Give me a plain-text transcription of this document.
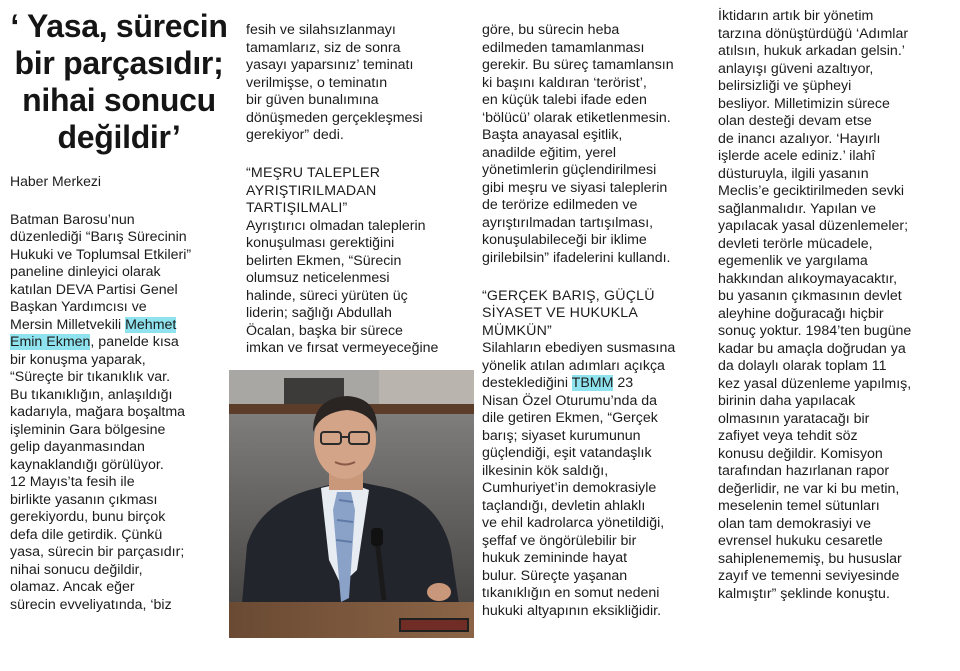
‘ Yasa, sürecin
bir parçasıdır;
nihai sonucu
değildir’
Haber Merkezi
Batman Barosu’nun
düzenlediği “Barış Sürecinin
Hukuki ve Toplumsal Etkileri”
paneline dinleyici olarak
katılan DEVA Partisi Genel
Başkan Yardımcısı ve
Mersin Milletvekili Mehmet
Emin Ekmen, panelde kısa
bir konuşma yaparak,
“Süreçte bir tıkanıklık var.
Bu tıkanıklığın, anlaşıldığı
kadarıyla, mağara boşaltma
işleminin Gara bölgesine
gelip dayanmasından
kaynaklandığı görülüyor.
12 Mayıs’ta fesih ile
birlikte yasanın çıkması
gerekiyordu, bunu birçok
defa dile getirdik. Çünkü
yasa, sürecin bir parçasıdır;
nihai sonucu değildir,
olamaz. Ancak eğer
sürecin evveliyatında, ‘biz
fesih ve silahsızlanmayı
tamamlarız, siz de sonra
yasayı yaparsınız’ teminatı
verilmişse, o teminatın
bir güven bunalımına
dönüşmeden gerçekleşmesi
gerekiyor” dedi.
“MEŞRU TALEPLER
AYRIŞTIRILMADAN
TARTIŞILMALI”
Ayrıştırıcı olmadan taleplerin
konuşulması gerektiğini
belirten Ekmen, “Sürecin
olumsuz neticelenmesi
halinde, süreci yürüten üç
liderin; sağlığı Abdullah
Öcalan, başka bir sürece
imkan ve fırsat vermeyeceğine
göre, bu sürecin heba
edilmeden tamamlanması
gerekir. Bu süreç tamamlansın
ki başını kaldıran ‘terörist’,
en küçük talebi ifade eden
‘bölücü’ olarak etiketlenmesin.
Başta anayasal eşitlik,
anadilde eğitim, yerel
yönetimlerin güçlendirilmesi
gibi meşru ve siyasi taleplerin
de terörize edilmeden ve
ayrıştırılmadan tartışılması,
konuşulabileceği bir iklime
girilebilsin” ifadelerini kullandı.
“GERÇEK BARIŞ, GÜÇLÜ
SİYASET VE HUKUKLA
MÜMKÜN”
Silahların ebediyen susmasına
yönelik atılan adımları açıkça
desteklediğini TBMM 23
Nisan Özel Oturumu’nda da
dile getiren Ekmen, “Gerçek
barış; siyaset kurumunun
güçlendiği, eşit vatandaşlık
ilkesinin kök saldığı,
Cumhuriyet’in demokrasiyle
taçlandığı, devletin ahlaklı
ve ehil kadrolarca yönetildiği,
şeffaf ve öngörülebilir bir
hukuk zemininde hayat
bulur. Süreçte yaşanan
tıkanıklığın en somut nedeni
hukuki altyapının eksikliğidir.
İktidarın artık bir yönetim
tarzına dönüştürdüğü ‘Adımlar
atılsın, hukuk arkadan gelsin.’
anlayışı güveni azaltıyor,
belirsizliği ve şüpheyi
besliyor. Milletimizin sürece
olan desteği devam etse
de inancı azalıyor. ‘Hayırlı
işlerde acele ediniz.’ ilahî
düsturuyla, ilgili yasanın
Meclis’e geciktirilmeden sevki
sağlanmalıdır. Yapılan ve
yapılacak yasal düzenlemeler;
devleti terörle mücadele,
egemenlik ve yargılama
hakkından alıkoymayacaktır,
bu yasanın çıkmasının devlet
aleyhine doğuracağı hiçbir
sonuç yoktur. 1984’ten bugüne
kadar bu amaçla doğrudan ya
da dolaylı olarak toplam 11
kez yasal düzenleme yapılmış,
birinin daha yapılacak
olmasının yaratacağı bir
zafiyet veya tehdit söz
konusu değildir. Komisyon
tarafından hazırlanan rapor
değerlidir, ne var ki bu metin,
meselenin temel sütunları
olan tam demokrasiyi ve
evrensel hukuku cesaretle
sahiplenememiş, bu hususlar
zayıf ve temenni seviyesinde
kalmıştır” şeklinde konuştu.
